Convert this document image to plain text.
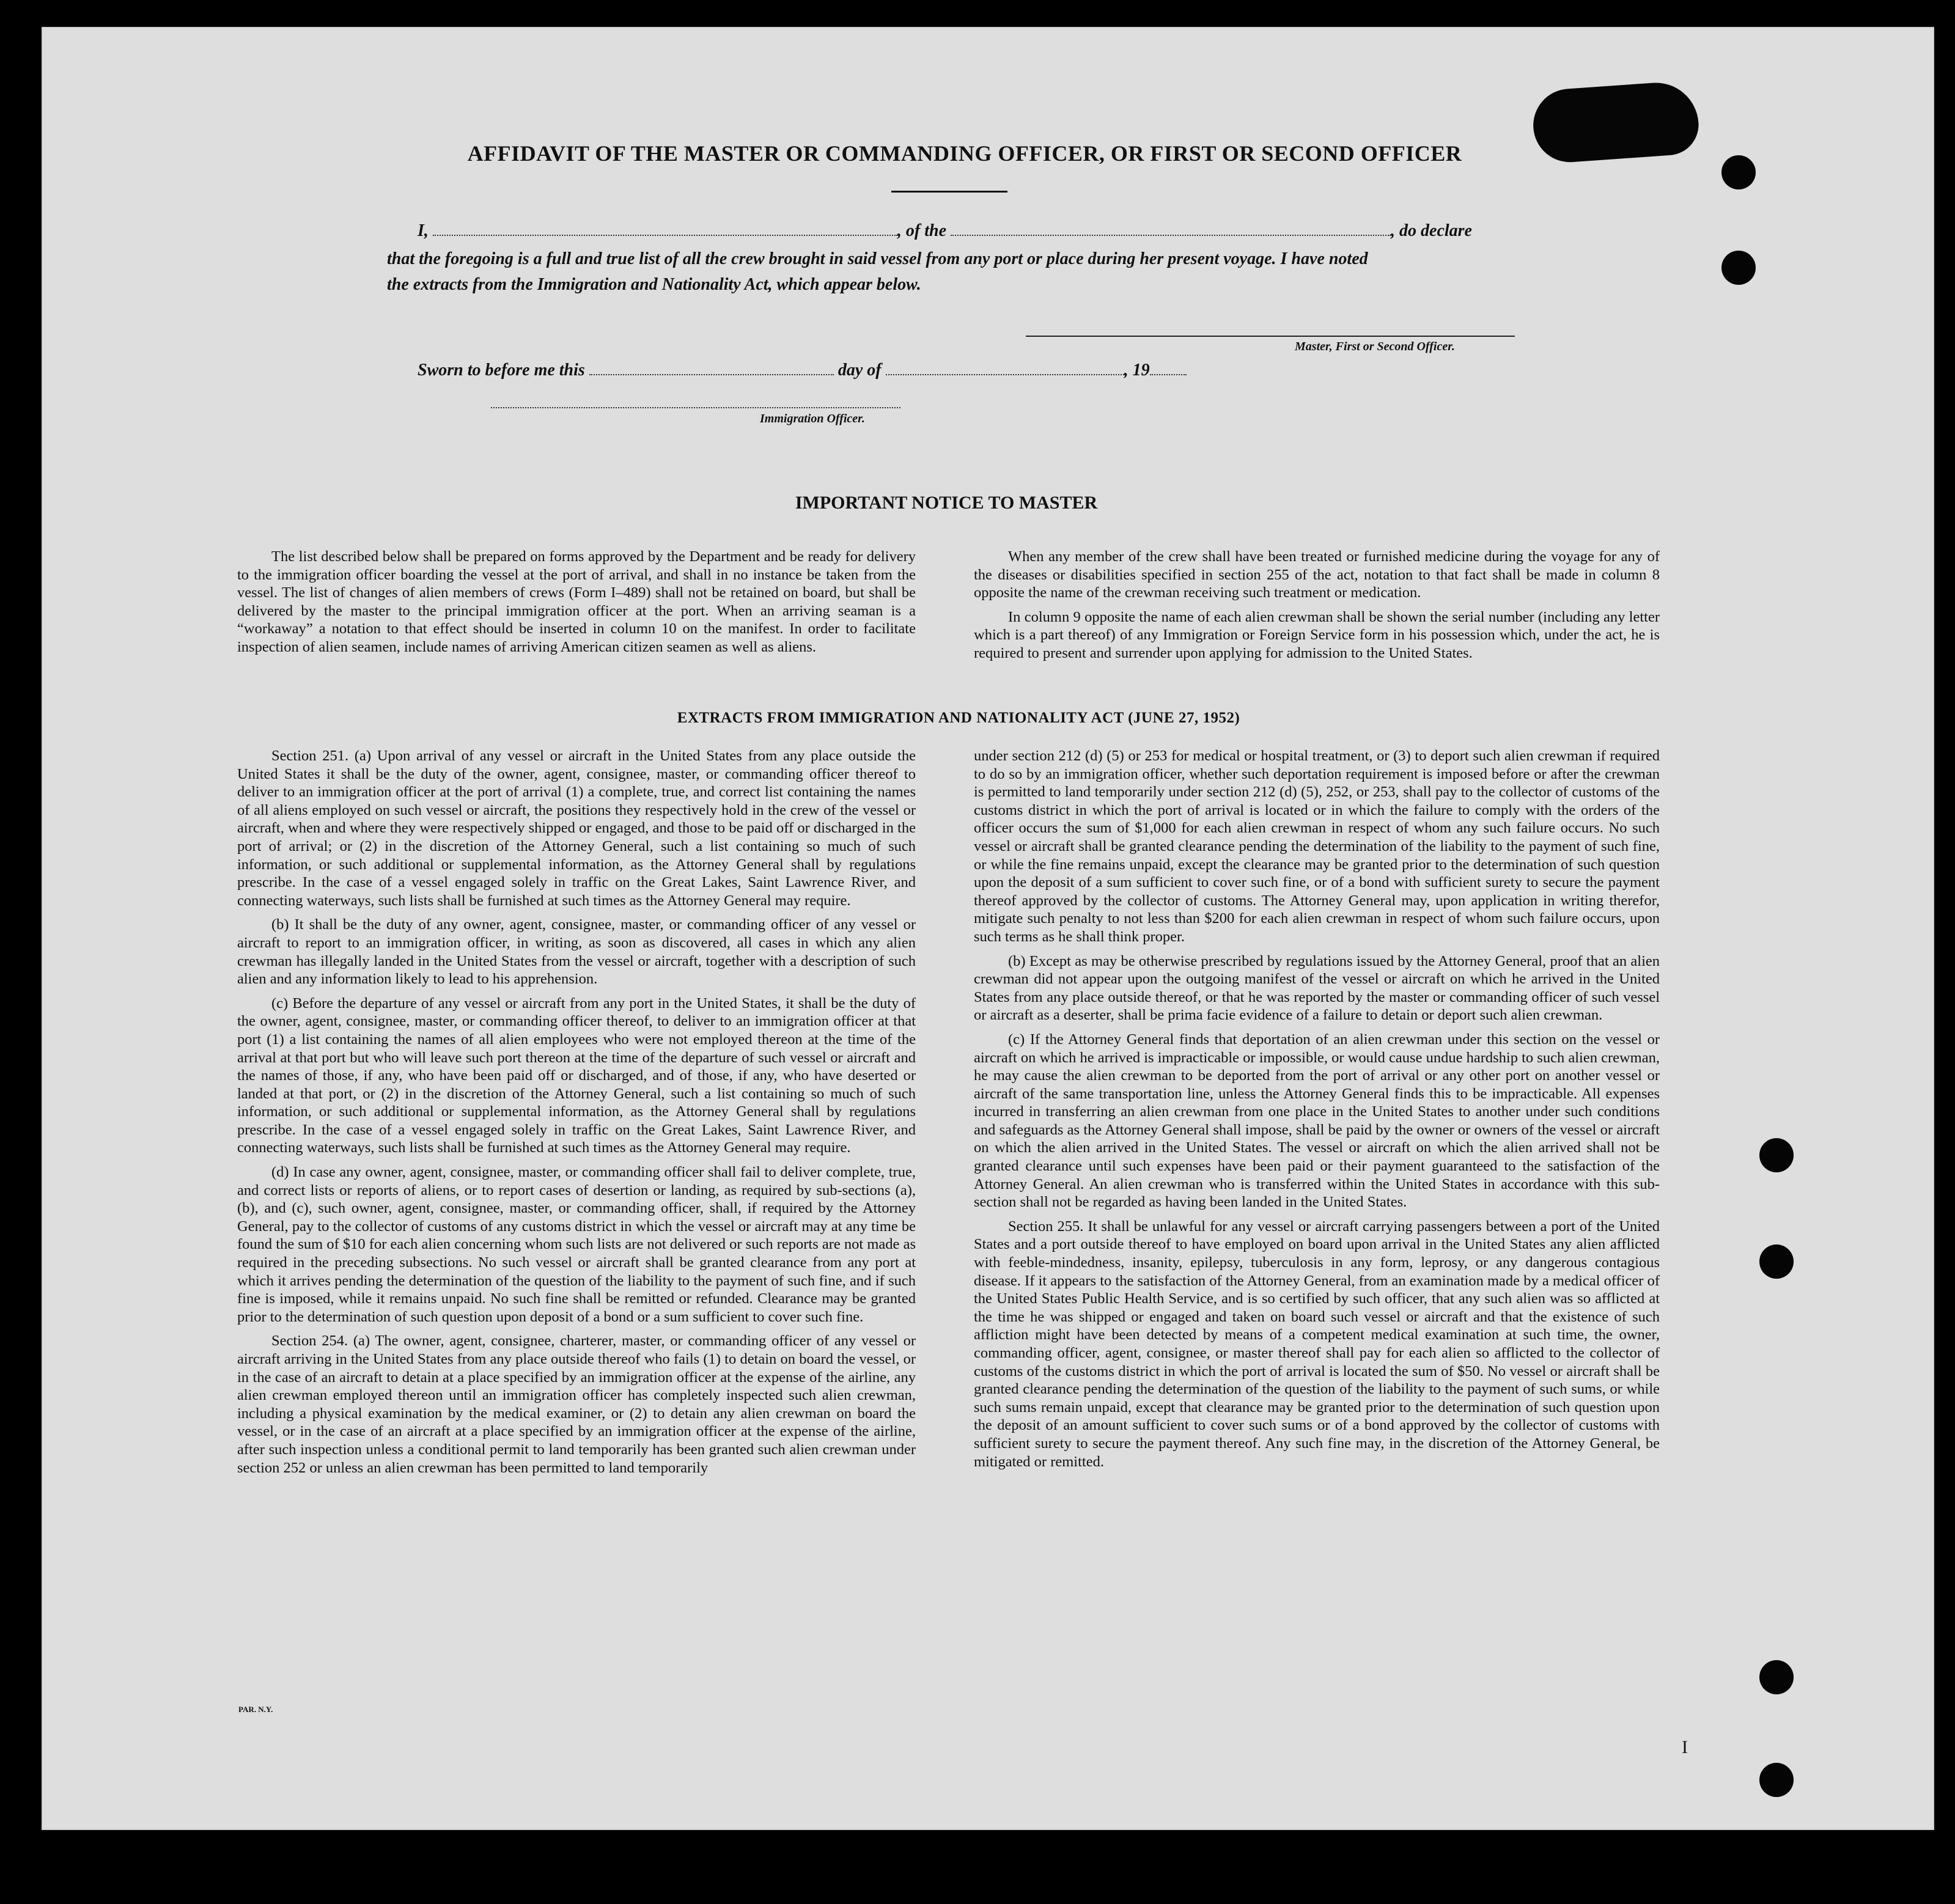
AFFIDAVIT OF THE MASTER OR COMMANDING OFFICER, OR FIRST OR SECOND OFFICER
I,	, of the	, do declare
that the foregoing is a full and true list of all the crew brought in said vessel from any port or place during her present voyage. I have noted
the extracts from the Immigration and Nationality Act, which appear below.
Master, First or Second Officer.
Sworn to before me this	day of	, 19
Immigration Officer.

IMPORTANT NOTICE TO MASTER

The list described below shall be prepared on forms approved by the Department and be ready for delivery to the immigration officer boarding the vessel at the port of arrival, and shall in no instance be taken from the vessel. The list of changes of alien members of crews (Form I–489) shall not be retained on board, but shall be delivered by the master to the principal immigration officer at the port. When an arriving seaman is a “workaway” a notation to that effect should be inserted in column 10 on the manifest. In order to facilitate inspection of alien seamen, include names of arriving American citizen seamen as well as aliens.

When any member of the crew shall have been treated or furnished medicine during the voyage for any of the diseases or disabilities specified in section 255 of the act, notation to that fact shall be made in column 8 opposite the name of the crewman receiving such treatment or medication.

In column 9 opposite the name of each alien crewman shall be shown the serial number (including any letter which is a part thereof) of any Immigration or Foreign Service form in his possession which, under the act, he is required to present and surrender upon applying for admission to the United States.

EXTRACTS FROM IMMIGRATION AND NATIONALITY ACT (JUNE 27, 1952)

Section 251. (a) Upon arrival of any vessel or aircraft in the United States from any place outside the United States it shall be the duty of the owner, agent, consignee, master, or commanding officer thereof to deliver to an immigration officer at the port of arrival (1) a complete, true, and correct list containing the names of all aliens employed on such vessel or aircraft, the positions they respectively hold in the crew of the vessel or aircraft, when and where they were respectively shipped or engaged, and those to be paid off or discharged in the port of arrival; or (2) in the discretion of the Attorney General, such a list containing so much of such information, or such additional or supplemental information, as the Attorney General shall by regulations prescribe. In the case of a vessel engaged solely in traffic on the Great Lakes, Saint Lawrence River, and connecting waterways, such lists shall be furnished at such times as the Attorney General may require.

(b) It shall be the duty of any owner, agent, consignee, master, or commanding officer of any vessel or aircraft to report to an immigration officer, in writing, as soon as discovered, all cases in which any alien crewman has illegally landed in the United States from the vessel or aircraft, together with a description of such alien and any information likely to lead to his apprehension.

(c) Before the departure of any vessel or aircraft from any port in the United States, it shall be the duty of the owner, agent, consignee, master, or commanding officer thereof, to deliver to an immigration officer at that port (1) a list containing the names of all alien employees who were not employed thereon at the time of the arrival at that port but who will leave such port thereon at the time of the departure of such vessel or aircraft and the names of those, if any, who have been paid off or discharged, and of those, if any, who have deserted or landed at that port, or (2) in the discretion of the Attorney General, such a list containing so much of such information, or such additional or supplemental information, as the Attorney General shall by regulations prescribe. In the case of a vessel engaged solely in traffic on the Great Lakes, Saint Lawrence River, and connecting waterways, such lists shall be furnished at such times as the Attorney General may require.

(d) In case any owner, agent, consignee, master, or commanding officer shall fail to deliver complete, true, and correct lists or reports of aliens, or to report cases of desertion or landing, as required by sub-sections (a), (b), and (c), such owner, agent, consignee, master, or commanding officer, shall, if required by the Attorney General, pay to the collector of customs of any customs district in which the vessel or aircraft may at any time be found the sum of $10 for each alien concerning whom such lists are not delivered or such reports are not made as required in the preceding subsections. No such vessel or aircraft shall be granted clearance from any port at which it arrives pending the determination of the question of the liability to the payment of such fine, and if such fine is imposed, while it remains unpaid. No such fine shall be remitted or refunded. Clearance may be granted prior to the determination of such question upon deposit of a bond or a sum sufficient to cover such fine.

Section 254. (a) The owner, agent, consignee, charterer, master, or commanding officer of any vessel or aircraft arriving in the United States from any place outside thereof who fails (1) to detain on board the vessel, or in the case of an aircraft to detain at a place specified by an immigration officer at the expense of the airline, any alien crewman employed thereon until an immigration officer has completely inspected such alien crewman, including a physical examination by the medical examiner, or (2) to detain any alien crewman on board the vessel, or in the case of an aircraft at a place specified by an immigration officer at the expense of the airline, after such inspection unless a conditional permit to land temporarily has been granted such alien crewman under section 252 or unless an alien crewman has been permitted to land temporarily

under section 212 (d) (5) or 253 for medical or hospital treatment, or (3) to deport such alien crewman if required to do so by an immigration officer, whether such deportation requirement is imposed before or after the crewman is permitted to land temporarily under section 212 (d) (5), 252, or 253, shall pay to the collector of customs of the customs district in which the port of arrival is located or in which the failure to comply with the orders of the officer occurs the sum of $1,000 for each alien crewman in respect of whom any such failure occurs. No such vessel or aircraft shall be granted clearance pending the determination of the liability to the payment of such fine, or while the fine remains unpaid, except the clearance may be granted prior to the determination of such question upon the deposit of a sum sufficient to cover such fine, or of a bond with sufficient surety to secure the payment thereof approved by the collector of customs. The Attorney General may, upon application in writing therefor, mitigate such penalty to not less than $200 for each alien crewman in respect of whom such failure occurs, upon such terms as he shall think proper.

(b) Except as may be otherwise prescribed by regulations issued by the Attorney General, proof that an alien crewman did not appear upon the outgoing manifest of the vessel or aircraft on which he arrived in the United States from any place outside thereof, or that he was reported by the master or commanding officer of such vessel or aircraft as a deserter, shall be prima facie evidence of a failure to detain or deport such alien crewman.

(c) If the Attorney General finds that deportation of an alien crewman under this section on the vessel or aircraft on which he arrived is impracticable or impossible, or would cause undue hardship to such alien crewman, he may cause the alien crewman to be deported from the port of arrival or any other port on another vessel or aircraft of the same transportation line, unless the Attorney General finds this to be impracticable. All expenses incurred in transferring an alien crewman from one place in the United States to another under such conditions and safeguards as the Attorney General shall impose, shall be paid by the owner or owners of the vessel or aircraft on which the alien arrived in the United States. The vessel or aircraft on which the alien arrived shall not be granted clearance until such expenses have been paid or their payment guaranteed to the satisfaction of the Attorney General. An alien crewman who is transferred within the United States in accordance with this sub-section shall not be regarded as having been landed in the United States.

Section 255. It shall be unlawful for any vessel or aircraft carrying passengers between a port of the United States and a port outside thereof to have employed on board upon arrival in the United States any alien afflicted with feeble-mindedness, insanity, epilepsy, tuberculosis in any form, leprosy, or any dangerous contagious disease. If it appears to the satisfaction of the Attorney General, from an examination made by a medical officer of the United States Public Health Service, and is so certified by such officer, that any such alien was so afflicted at the time he was shipped or engaged and taken on board such vessel or aircraft and that the existence of such affliction might have been detected by means of a competent medical examination at such time, the owner, commanding officer, agent, consignee, or master thereof shall pay for each alien so afflicted to the collector of customs of the customs district in which the port of arrival is located the sum of $50. No vessel or aircraft shall be granted clearance pending the determination of the question of the liability to the payment of such sums, or while such sums remain unpaid, except that clearance may be granted prior to the determination of such question upon the deposit of an amount sufficient to cover such sums or of a bond approved by the collector of customs with sufficient surety to secure the payment thereof. Any such fine may, in the discretion of the Attorney General, be mitigated or remitted.

PAR. N.Y.
I
